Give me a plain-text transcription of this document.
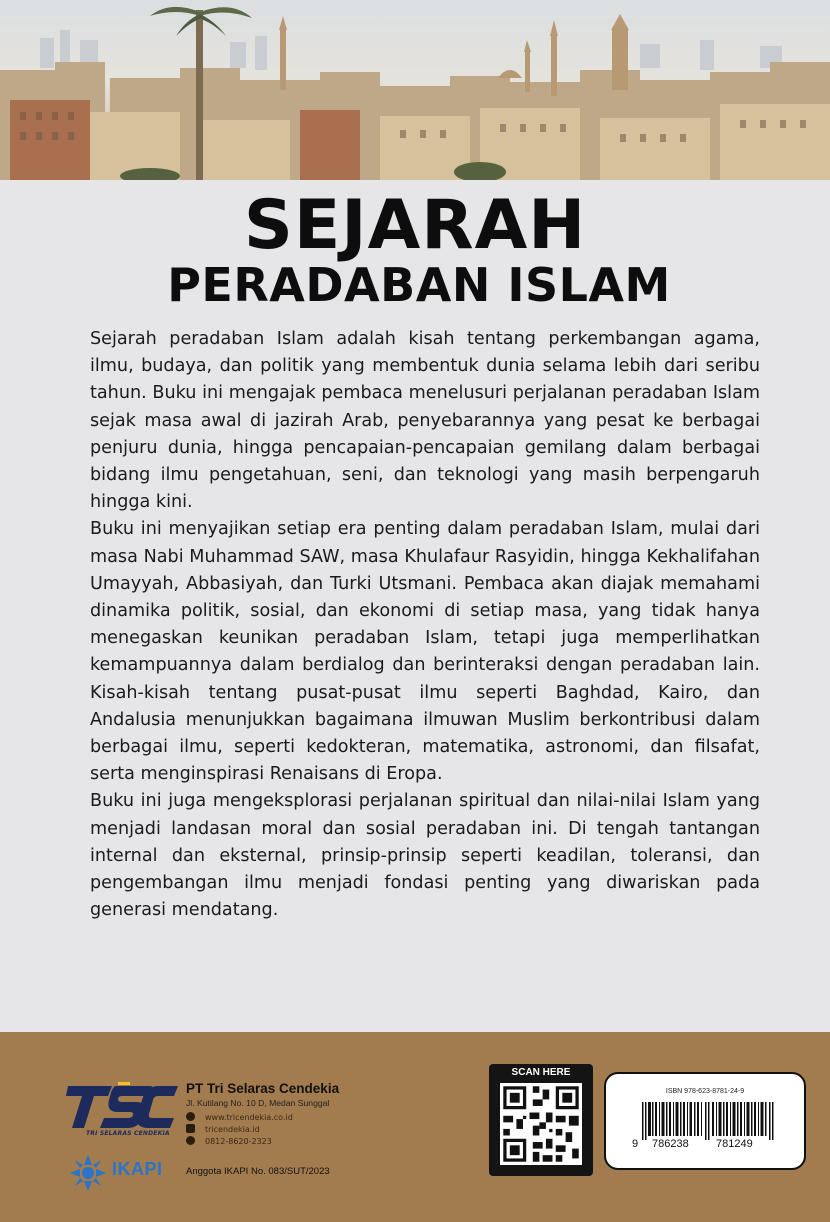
SEJARAH
PERADABAN ISLAM

Sejarah peradaban Islam adalah kisah tentang perkembangan agama, ilmu, budaya, dan politik yang membentuk dunia selama lebih dari seribu tahun. Buku ini mengajak pembaca menelusuri perjalanan peradaban Islam sejak masa awal di jazirah Arab, penyebarannya yang pesat ke berbagai penjuru dunia, hingga pencapaian-pencapaian gemilang dalam berbagai bidang ilmu pengetahuan, seni, dan teknologi yang masih berpengaruh hingga kini.

Buku ini menyajikan setiap era penting dalam peradaban Islam, mulai dari masa Nabi Muhammad SAW, masa Khulafaur Rasyidin, hingga Kekhalifahan Umayyah, Abbasiyah, dan Turki Utsmani. Pembaca akan diajak memahami dinamika politik, sosial, dan ekonomi di setiap masa, yang tidak hanya menegaskan keunikan peradaban Islam, tetapi juga memperlihatkan kemampuannya dalam berdialog dan berinteraksi dengan peradaban lain. Kisah-kisah tentang pusat-pusat ilmu seperti Baghdad, Kairo, dan Andalusia menunjukkan bagaimana ilmuwan Muslim berkontribusi dalam berbagai ilmu, seperti kedokteran, matematika, astronomi, dan filsafat, serta menginspirasi Renaisans di Eropa.

Buku ini juga mengeksplorasi perjalanan spiritual dan nilai-nilai Islam yang menjadi landasan moral dan sosial peradaban ini. Di tengah tantangan internal dan eksternal, prinsip-prinsip seperti keadilan, toleransi, dan pengembangan ilmu menjadi fondasi penting yang diwariskan pada generasi mendatang.

TRI SELARAS CENDEKIA
PT Tri Selaras Cendekia
Jl. Kutilang No. 10 D, Medan Sunggal
www.tricendekia.co.id
tricendekia.id
0812-8620-2323
IKAPI Anggota IKAPI No. 083/SUT/2023
SCAN HERE
ISBN 978-623-8781-24-9
9 786238 781249
